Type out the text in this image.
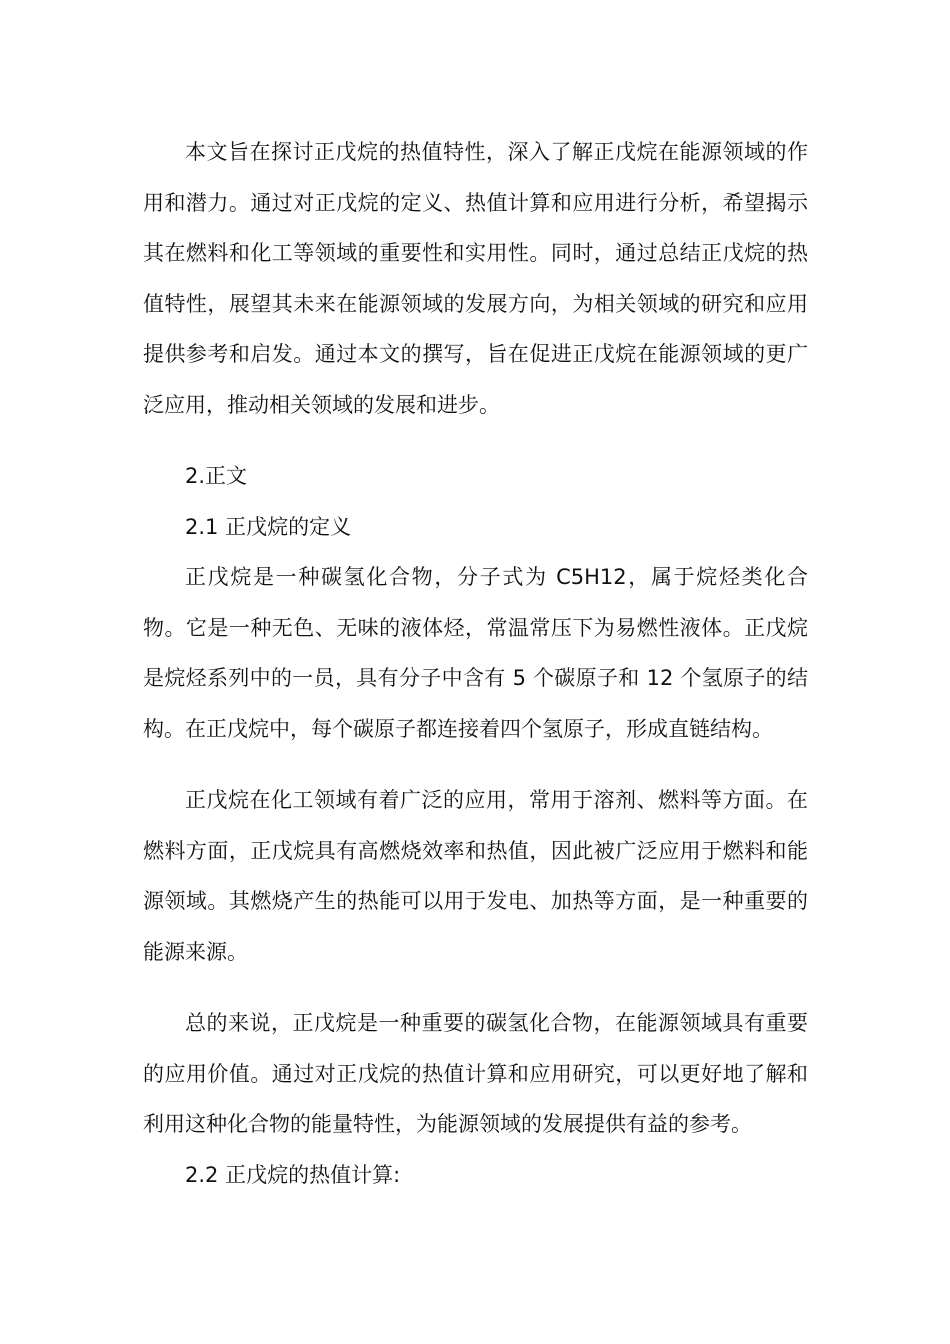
本文旨在探讨正戊烷的热值特性，深入了解正戊烷在能源领域的作用和潜力。通过对正戊烷的定义、热值计算和应用进行分析，希望揭示其在燃料和化工等领域的重要性和实用性。同时，通过总结正戊烷的热值特性，展望其未来在能源领域的发展方向，为相关领域的研究和应用提供参考和启发。通过本文的撰写，旨在促进正戊烷在能源领域的更广泛应用，推动相关领域的发展和进步。

2.正文

2.1 正戊烷的定义

正戊烷是一种碳氢化合物，分子式为 C5H12，属于烷烃类化合物。它是一种无色、无味的液体烃，常温常压下为易燃性液体。正戊烷是烷烃系列中的一员，具有分子中含有 5 个碳原子和 12 个氢原子的结构。在正戊烷中，每个碳原子都连接着四个氢原子，形成直链结构。

正戊烷在化工领域有着广泛的应用，常用于溶剂、燃料等方面。在燃料方面，正戊烷具有高燃烧效率和热值，因此被广泛应用于燃料和能源领域。其燃烧产生的热能可以用于发电、加热等方面，是一种重要的能源来源。

总的来说，正戊烷是一种重要的碳氢化合物，在能源领域具有重要的应用价值。通过对正戊烷的热值计算和应用研究，可以更好地了解和利用这种化合物的能量特性，为能源领域的发展提供有益的参考。

2.2 正戊烷的热值计算:
